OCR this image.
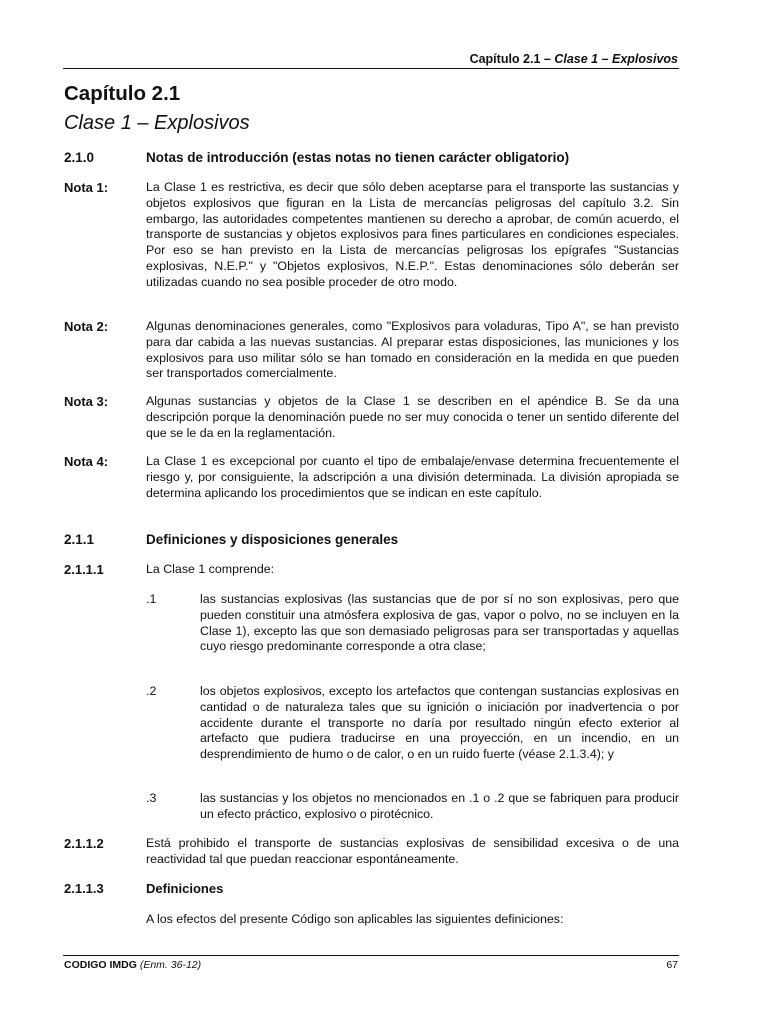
Capítulo 2.1 – Clase 1 – Explosivos
Capítulo 2.1
Clase 1 – Explosivos
2.1.0	Notas de introducción (estas notas no tienen carácter obligatorio)
Nota 1:	La Clase 1 es restrictiva, es decir que sólo deben aceptarse para el transporte las sustancias y objetos explosivos que figuran en la Lista de mercancías peligrosas del capítulo 3.2. Sin embargo, las autoridades competentes mantienen su derecho a aprobar, de común acuerdo, el transporte de sustancias y objetos explosivos para fines particulares en condiciones especiales. Por eso se han previsto en la Lista de mercancías peligrosas los epígrafes "Sustancias explosivas, N.E.P." y "Objetos explosivos, N.E.P.". Estas denominaciones sólo deberán ser utilizadas cuando no sea posible proceder de otro modo.
Nota 2:	Algunas denominaciones generales, como "Explosivos para voladuras, Tipo A", se han previsto para dar cabida a las nuevas sustancias. Al preparar estas disposiciones, las municiones y los explosivos para uso militar sólo se han tomado en consideración en la medida en que pueden ser transportados comercialmente.
Nota 3:	Algunas sustancias y objetos de la Clase 1 se describen en el apéndice B. Se da una descripción porque la denominación puede no ser muy conocida o tener un sentido diferente del que se le da en la reglamentación.
Nota 4:	La Clase 1 es excepcional por cuanto el tipo de embalaje/envase determina frecuentemente el riesgo y, por consiguiente, la adscripción a una división determinada. La división apropiada se determina aplicando los procedimientos que se indican en este capítulo.
2.1.1	Definiciones y disposiciones generales
2.1.1.1	La Clase 1 comprende:
.1	las sustancias explosivas (las sustancias que de por sí no son explosivas, pero que pueden constituir una atmósfera explosiva de gas, vapor o polvo, no se incluyen en la Clase 1), excepto las que son demasiado peligrosas para ser transportadas y aquellas cuyo riesgo predominante corresponde a otra clase;
.2	los objetos explosivos, excepto los artefactos que contengan sustancias explosivas en cantidad o de naturaleza tales que su ignición o iniciación por inadvertencia o por accidente durante el transporte no daría por resultado ningún efecto exterior al artefacto que pudiera traducirse en una proyección, en un incendio, en un desprendimiento de humo o de calor, o en un ruido fuerte (véase 2.1.3.4); y
.3	las sustancias y los objetos no mencionados en .1 o .2 que se fabriquen para producir un efecto práctico, explosivo o pirotécnico.
2.1.1.2	Está prohibido el transporte de sustancias explosivas de sensibilidad excesiva o de una reactividad tal que puedan reaccionar espontáneamente.
2.1.1.3	Definiciones
A los efectos del presente Código son aplicables las siguientes definiciones:
CODIGO IMDG (Enm. 36-12)	67
